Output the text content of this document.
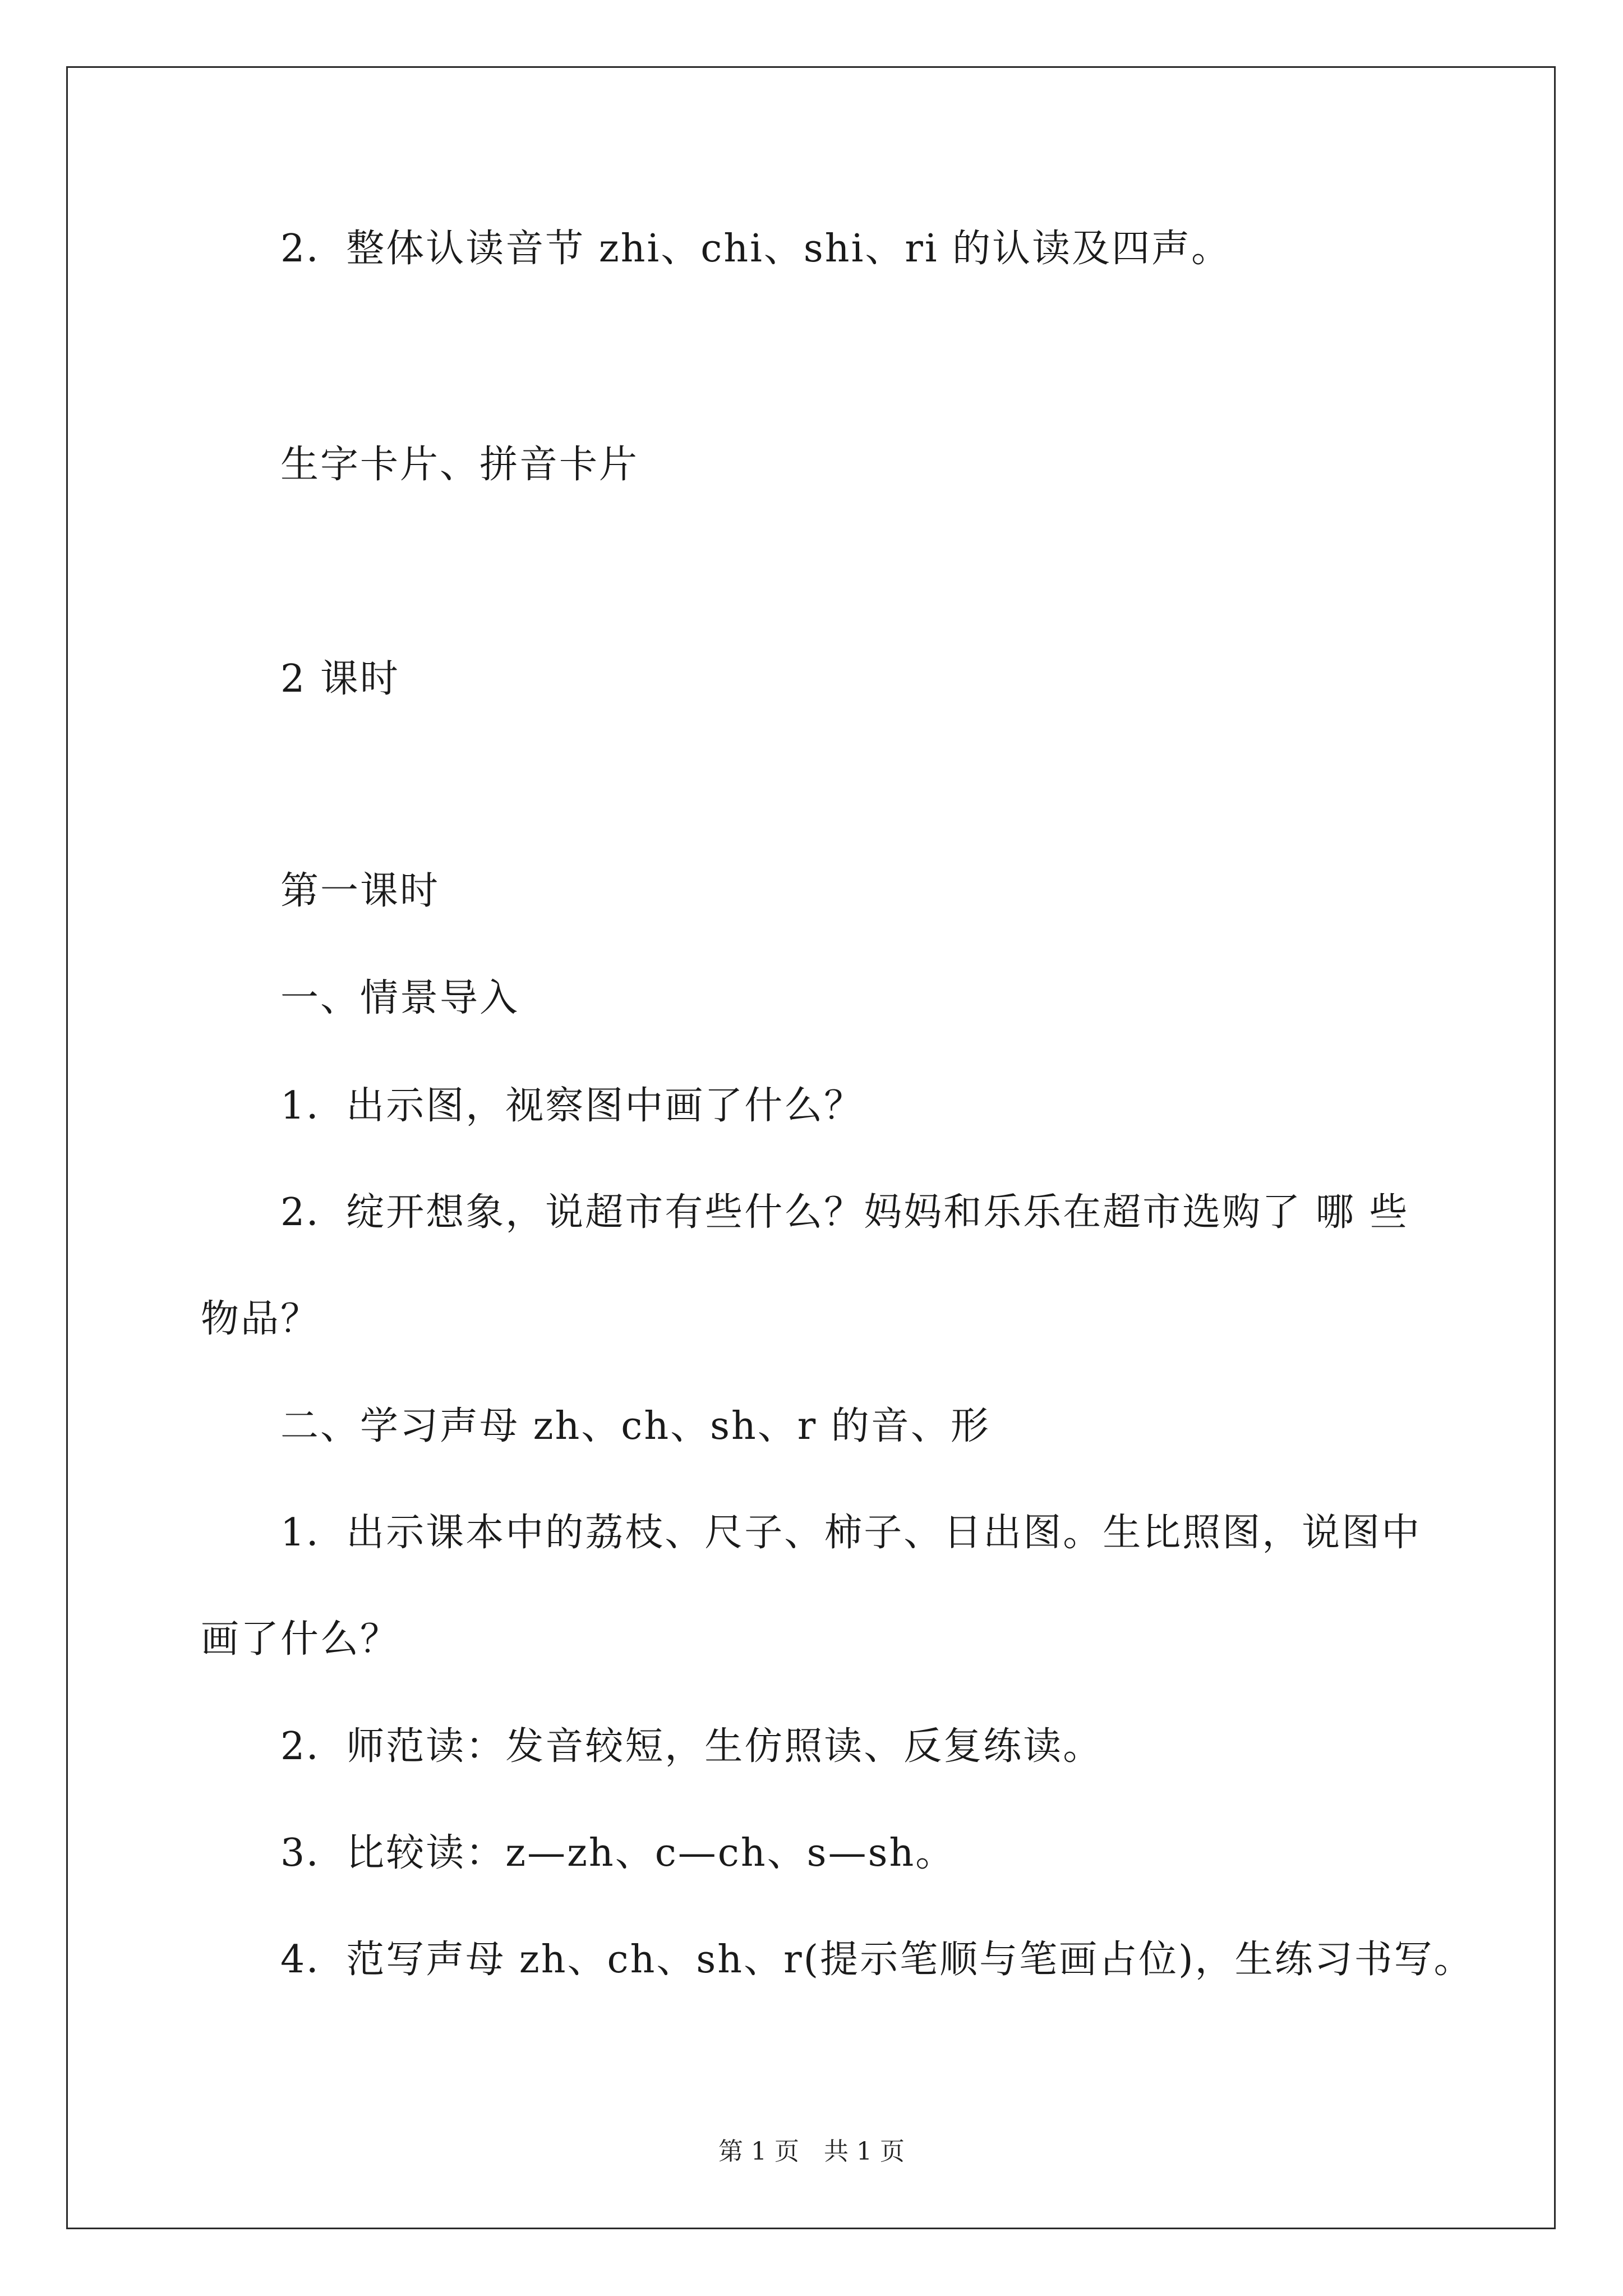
2．整体认读音节 zhi、chi、shi、ri 的认读及四声。
生字卡片、拼音卡片
2 课时
第一课时
一、情景导入
1．出示图，视察图中画了什么？
2．绽开想象，说超市有些什么？妈妈和乐乐在超市选购了 哪 些
物品？
二、学习声母 zh、ch、sh、r 的音、形
1．出示课本中的荔枝、尺子、柿子、日出图。生比照图，说图中
画了什么？
2．师范读：发音较短，生仿照读、反复练读。
3．比较读：z—zh、c—ch、s—sh。
4．范写声母 zh、ch、sh、r(提示笔顺与笔画占位)，生练习书写。
第 1 页　共 1 页
